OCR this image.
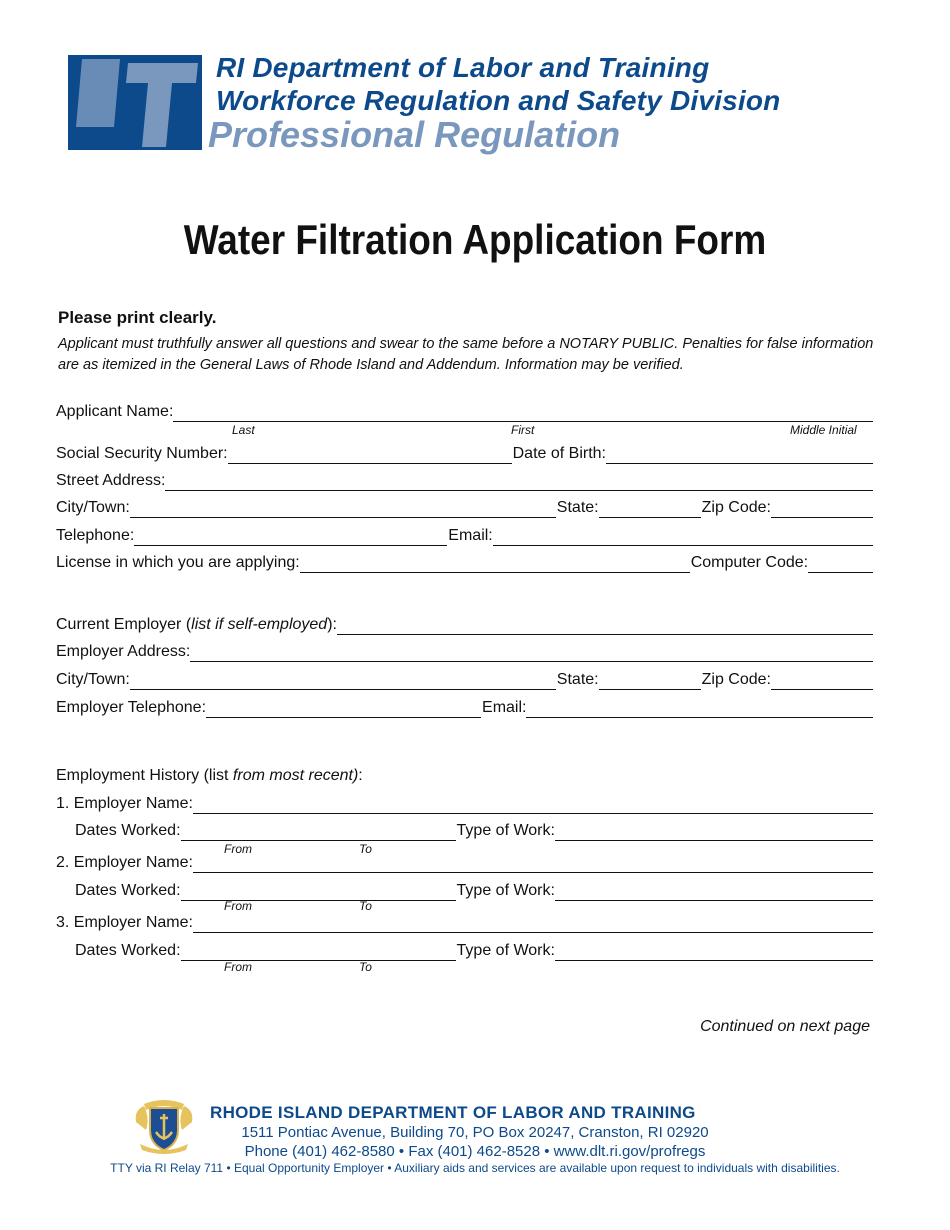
RI Department of Labor and Training
Workforce Regulation and Safety Division
Professional Regulation
Water Filtration Application Form
Please print clearly.
Applicant must truthfully answer all questions and swear to the same before a NOTARY PUBLIC. Penalties for false information are as itemized in the General Laws of Rhode Island and Addendum. Information may be verified.
Applicant Name:
Last	First	Middle Initial
Social Security Number:	Date of Birth:
Street Address:
City/Town:	State:	Zip Code:
Telephone:	Email:
License in which you are applying:	Computer Code:
Current Employer (list if self-employed):
Employer Address:
City/Town:	State:	Zip Code:
Employer Telephone:	Email:
Employment History (list from most recent):
1. Employer Name:
Dates Worked:	Type of Work:
From	To
2. Employer Name:
Dates Worked:	Type of Work:
From	To
3. Employer Name:
Dates Worked:	Type of Work:
From	To
Continued on next page
RHODE ISLAND DEPARTMENT OF LABOR AND TRAINING
1511 Pontiac Avenue, Building 70, PO Box 20247, Cranston, RI 02920
Phone (401) 462-8580 • Fax (401) 462-8528 • www.dlt.ri.gov/profregs
TTY via RI Relay 711 • Equal Opportunity Employer • Auxiliary aids and services are available upon request to individuals with disabilities.
